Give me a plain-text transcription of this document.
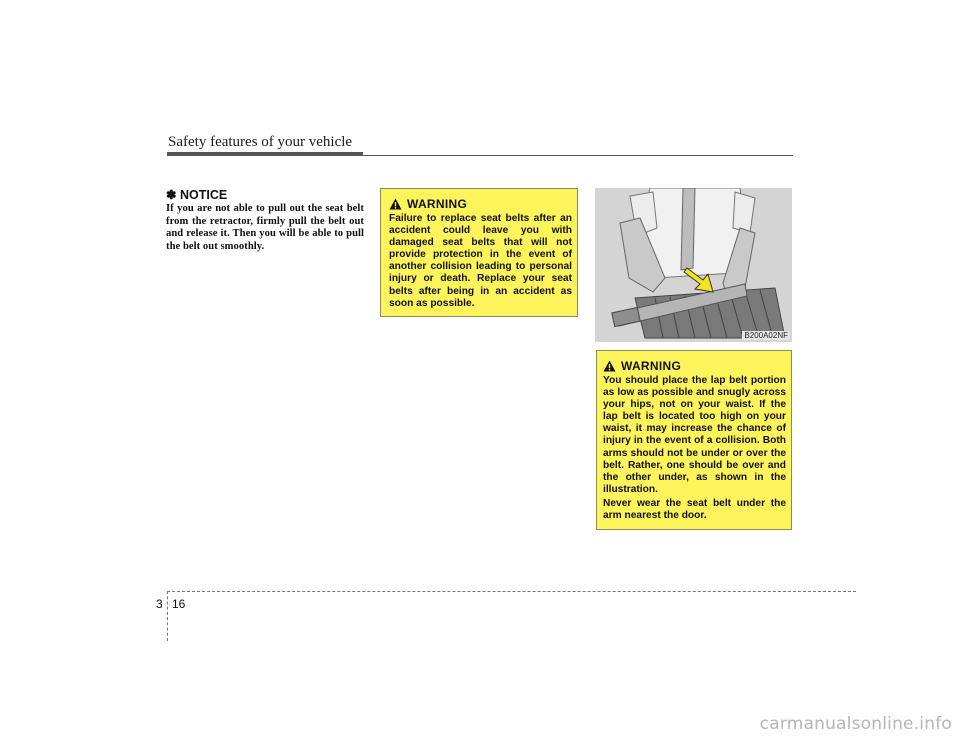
Safety features of your vehicle
✽ NOTICE
If you are not able to pull out the seat belt from the retractor, firmly pull the belt out and release it. Then you will be able to pull the belt out smoothly.
WARNING

Failure to replace seat belts after an accident could leave you with damaged seat belts that will not provide protection in the event of another collision leading to personal injury or death. Replace your seat belts after being in an accident as soon as possible.

B200A02NF
WARNING

You should place the lap belt portion as low as possible and snugly across your hips, not on your waist. If the lap belt is located too high on your waist, it may increase the chance of injury in the event of a collision. Both arms should not be under or over the belt. Rather, one should be over and the other under, as shown in the illustration.

Never wear the seat belt under the arm nearest the door.

3 16
carmanualsonline.info
